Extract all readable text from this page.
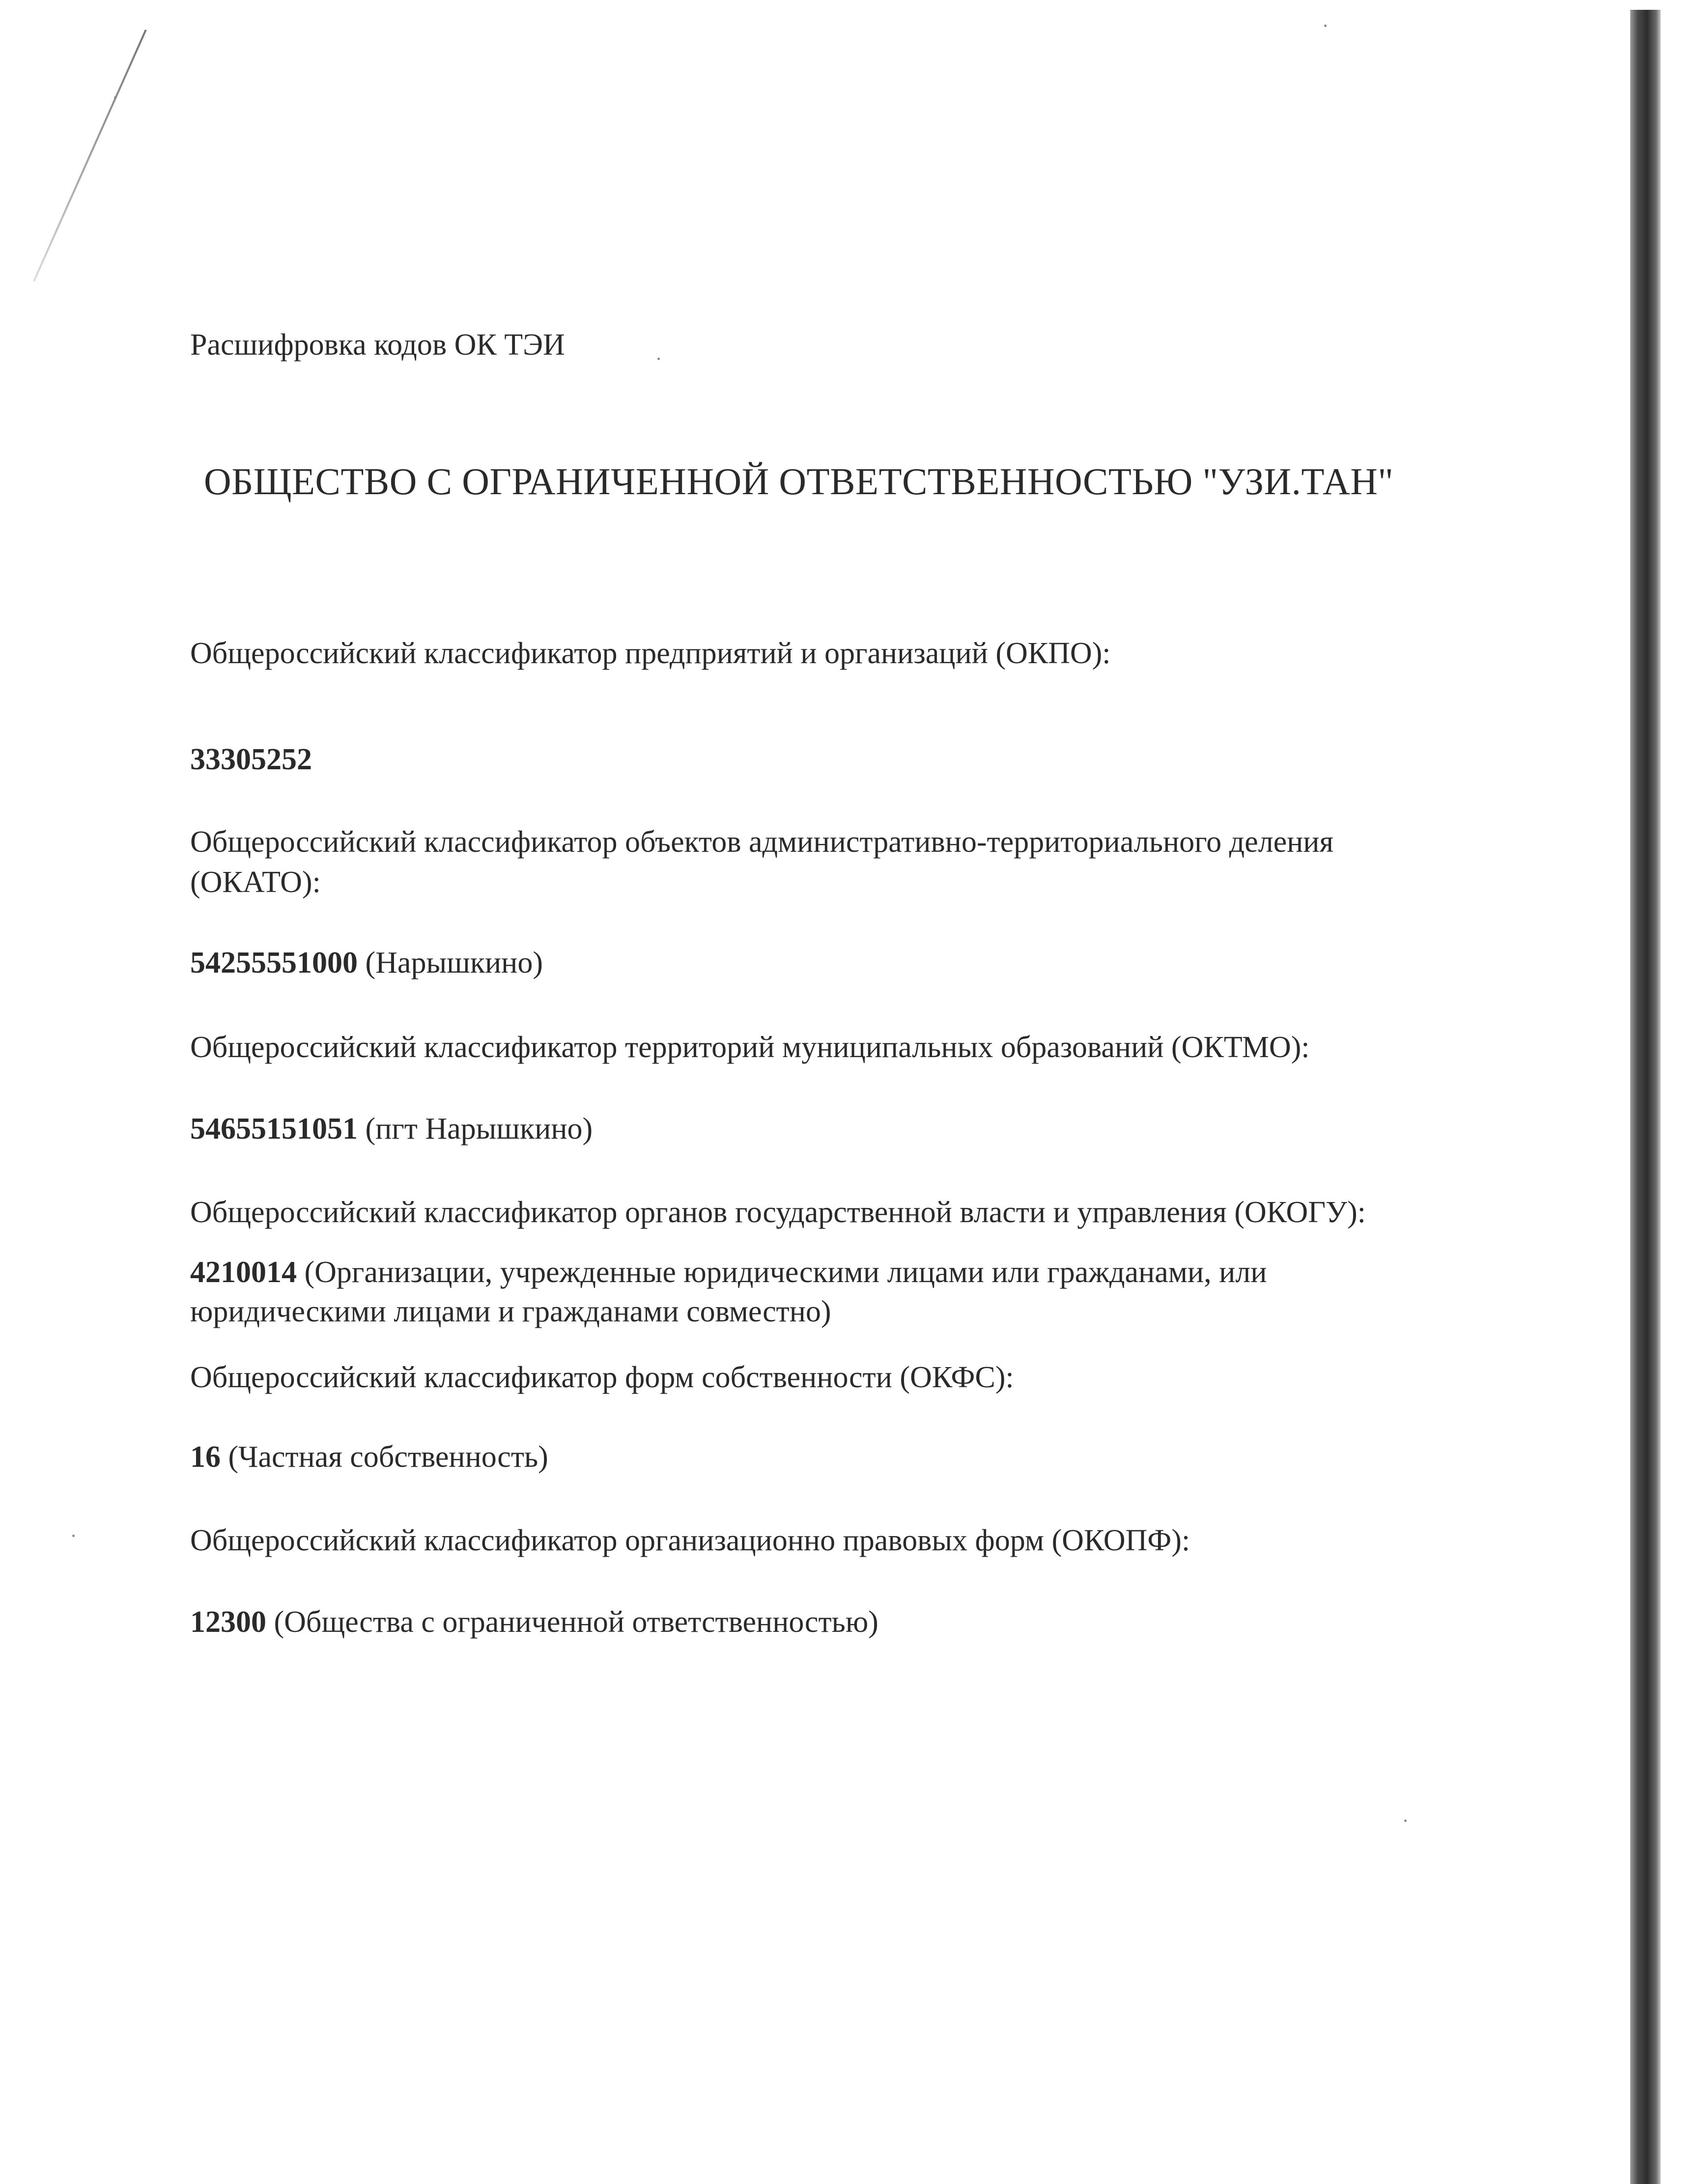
Расшифровка кодов ОК ТЭИ
ОБЩЕСТВО С ОГРАНИЧЕННОЙ ОТВЕТСТВЕННОСТЬЮ "УЗИ.ТАН"
Общероссийский классификатор предприятий и организаций (ОКПО):
33305252
Общероссийский классификатор объектов административно-территориального деления
(ОКАТО):
54255551000 (Нарышкино)
Общероссийский классификатор территорий муниципальных образований (ОКТМО):
54655151051 (пгт Нарышкино)
Общероссийский классификатор органов государственной власти и управления (ОКОГУ):
4210014 (Организации, учрежденные юридическими лицами или гражданами, или
юридическими лицами и гражданами совместно)
Общероссийский классификатор форм собственности (ОКФС):
16 (Частная собственность)
Общероссийский классификатор организационно правовых форм (ОКОПФ):
12300 (Общества с ограниченной ответственностью)
